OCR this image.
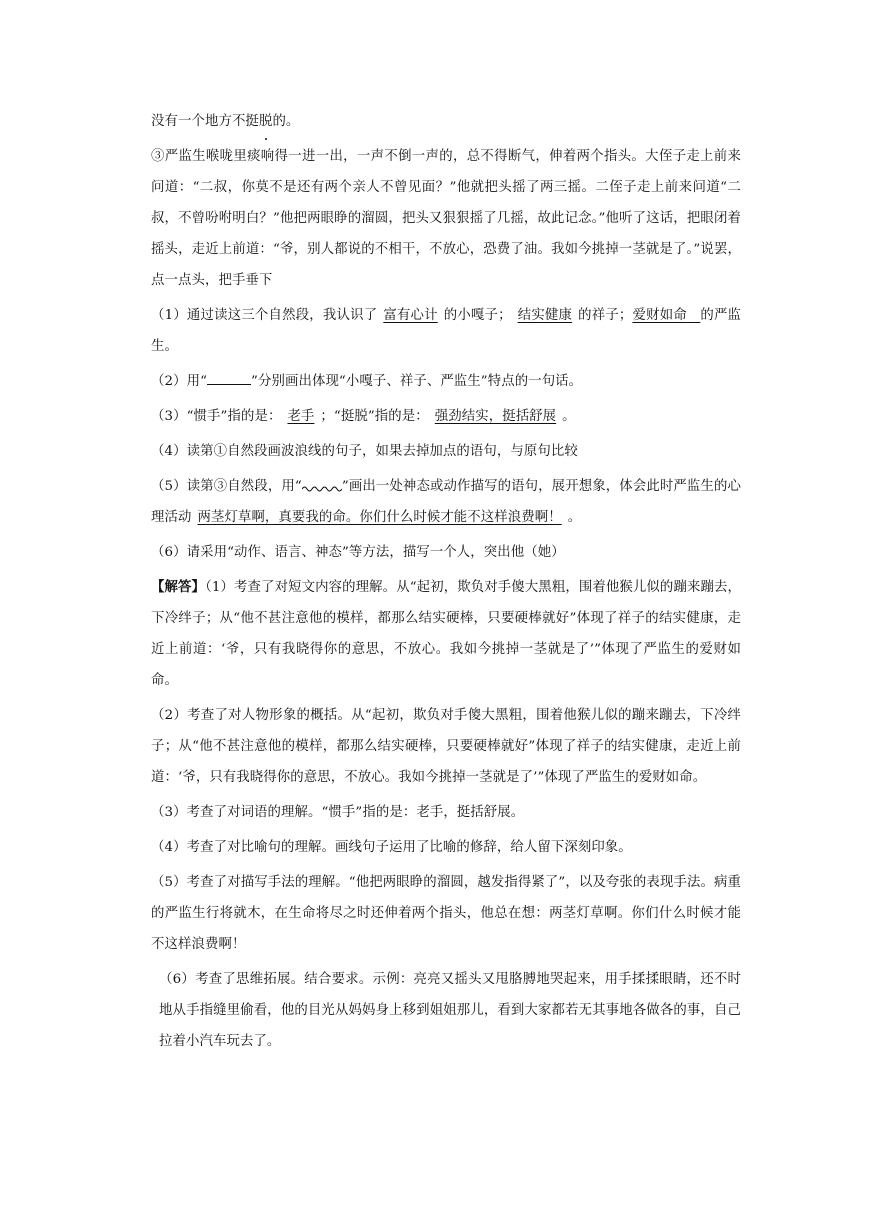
没有一个地方不挺脱的。

③严监生喉咙里痰响得一进一出，一声不倒一声的，总不得断气，伸着两个指头。大侄子走上前来问道：“二叔，你莫不是还有两个亲人不曾见面？”他就把头摇了两三摇。二侄子走上前来问道“二叔，不曾吩咐明白？”他把两眼睁的溜圆，把头又狠狠摇了几摇，故此记念。”他听了这话，把眼闭着摇头，走近上前道：“爷，别人都说的不相干，不放心，恐费了油。我如今挑掉一茎就是了。”说罢，点一点头，把手垂下

（1）通过读这三个自然段，我认识了 富有心计 的小嘎子； 结实健康 的祥子；爱财如命 的严监生。

（2）用“	”分别画出体现“小嘎子、祥子、严监生”特点的一句话。

（3）“惯手”指的是： 老手 ；“挺脱”指的是： 强劲结实，挺括舒展 。

（4）读第①自然段画波浪线的句子，如果去掉加点的语句，与原句比较

（5）读第③自然段，用“	”画出一处神态或动作描写的语句，展开想象，体会此时严监生的心理活动 两茎灯草啊，真要我的命。你们什么时候才能不这样浪费啊！ 。

（6）请采用“动作、语言、神态”等方法，描写一个人，突出他（她）

【解答】（1）考查了对短文内容的理解。从“起初，欺负对手傻大黑粗，围着他猴儿似的蹦来蹦去，下冷绊子；从“他不甚注意他的模样，都那么结实硬棒，只要硬棒就好”体现了祥子的结实健康，走近上前道：‘爷，只有我晓得你的意思，不放心。我如今挑掉一茎就是了’”体现了严监生的爱财如命。

（2）考查了对人物形象的概括。从“起初，欺负对手傻大黑粗，围着他猴儿似的蹦来蹦去，下冷绊子；从“他不甚注意他的模样，都那么结实硬棒，只要硬棒就好”体现了祥子的结实健康，走近上前道：‘爷，只有我晓得你的意思，不放心。我如今挑掉一茎就是了’”体现了严监生的爱财如命。

（3）考查了对词语的理解。“惯手”指的是：老手，挺括舒展。

（4）考查了对比喻句的理解。画线句子运用了比喻的修辞，给人留下深刻印象。

（5）考查了对描写手法的理解。“他把两眼睁的溜圆，越发指得紧了”，以及夸张的表现手法。病重的严监生行将就木，在生命将尽之时还伸着两个指头，他总在想：两茎灯草啊。你们什么时候才能不这样浪费啊！

（6）考查了思维拓展。结合要求。示例：亮亮又摇头又甩胳膊地哭起来，用手揉揉眼睛，还不时地从手指缝里偷看，他的目光从妈妈身上移到姐姐那儿，看到大家都若无其事地各做各的事，自己拉着小汽车玩去了。
